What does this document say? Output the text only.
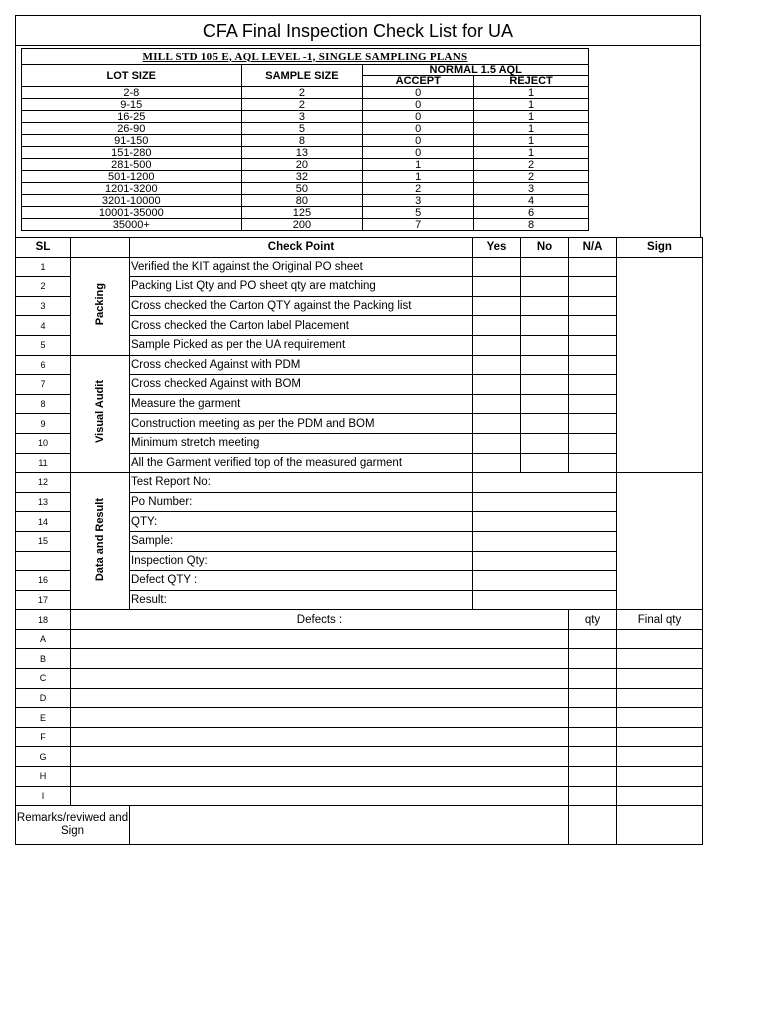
CFA Final Inspection Check List for UA
MILL STD 105 E, AQL LEVEL -1, SINGLE SAMPLING PLANS			
LOT SIZE	SAMPLE SIZE	NORMAL 1.5 AQL	
		ACCEPT	REJECT
2-8	2	0	1
9-15	2	0	1
16-25	3	0	1
26-90	5	0	1
91-150	8	0	1
151-280	13	0	1
281-500	20	1	2
501-1200	32	1	2
1201-3200	50	2	3
3201-10000	80	3	4
10001-35000	125	5	6
35000+	200	7	8
SL		Check Point	Yes	No	N/A	Sign
1	Packing	Verified the KIT against the Original PO sheet				
2		Packing List Qty and PO sheet qty are matching				
3		Cross checked the Carton QTY against the Packing list				
4		Cross checked the Carton label Placement				
5		Sample Picked as per the UA requirement				
6	Visual Audit	Cross checked Against with PDM				
7		Cross checked Against with BOM				
8		Measure the garment				
9		Construction meeting as per the PDM and BOM				
10		Minimum stretch meeting				
11		All the Garment verified top of the measured garment				
12	Data and Result	Test Report No:				
13		Po Number:				
14		QTY:				
15		Sample:				
		Inspection Qty:				
16		Defect QTY :				
17		Result:				
18	Defects :				qty	Final qty
A						
B						
C						
D						
E						
F						
G						
H						
I						
Remarks/reviwed and Sign						
